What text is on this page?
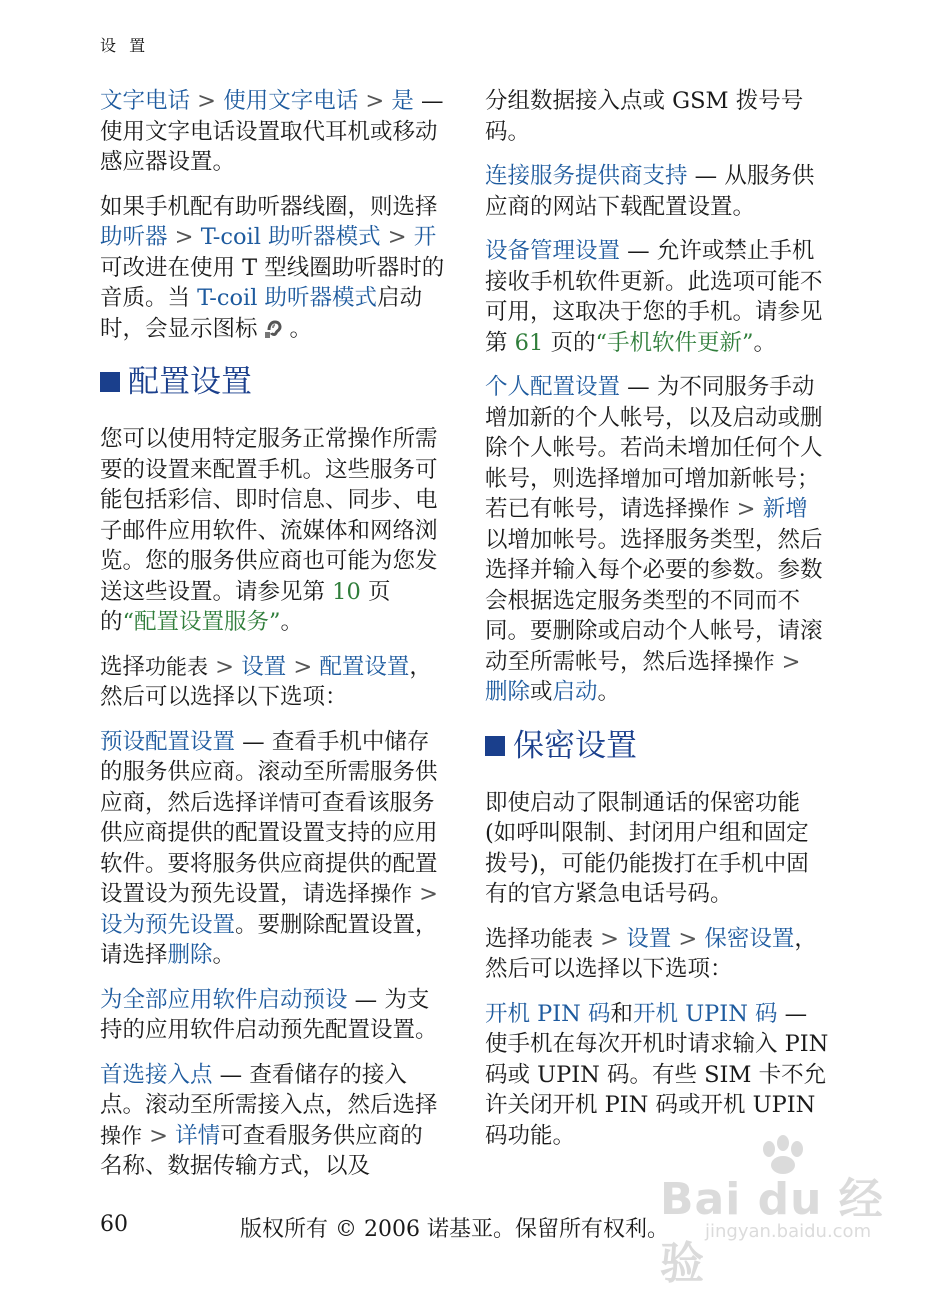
设 置

文字电话 > 使用文字电话 > 是 — 使用文字电话设置取代耳机或移动感应器设置。

如果手机配有助听器线圈，则选择助听器 > T-coil 助听器模式 > 开可改进在使用 T 型线圈助听器时的音质。当 T-coil 助听器模式启动时，会显示图标 。

配置设置

您可以使用特定服务正常操作所需要的设置来配置手机。这些服务可能包括彩信、即时信息、同步、电子邮件应用软件、流媒体和网络浏览。您的服务供应商也可能为您发送这些设置。请参见第 10 页的“配置设置服务”。

选择功能表 > 设置 > 配置设置，然后可以选择以下选项：

预设配置设置 — 查看手机中储存的服务供应商。滚动至所需服务供应商，然后选择详情可查看该服务供应商提供的配置设置支持的应用软件。要将服务供应商提供的配置设置设为预先设置，请选择操作 > 设为预先设置。要删除配置设置，请选择删除。

为全部应用软件启动预设 — 为支持的应用软件启动预先配置设置。

首选接入点 — 查看储存的接入点。滚动至所需接入点，然后选择操作 > 详情可查看服务供应商的名称、数据传输方式，以及

分组数据接入点或 GSM 拨号号码。

连接服务提供商支持 — 从服务供应商的网站下载配置设置。

设备管理设置 — 允许或禁止手机接收手机软件更新。此选项可能不可用，这取决于您的手机。请参见第 61 页的“手机软件更新”。

个人配置设置 — 为不同服务手动增加新的个人帐号，以及启动或删除个人帐号。若尚未增加任何个人帐号，则选择增加可增加新帐号；若已有帐号，请选择操作 > 新增以增加帐号。选择服务类型，然后选择并输入每个必要的参数。参数会根据选定服务类型的不同而不同。要删除或启动个人帐号，请滚动至所需帐号，然后选择操作 > 删除或启动。

保密设置

即使启动了限制通话的保密功能(如呼叫限制、封闭用户组和固定拨号)，可能仍能拨打在手机中固有的官方紧急电话号码。

选择功能表 > 设置 > 保密设置，然后可以选择以下选项：

开机 PIN 码和开机 UPIN 码 — 使手机在每次开机时请求输入 PIN 码或 UPIN 码。有些 SIM 卡不允许关闭开机 PIN 码或开机 UPIN 码功能。

Bai du 经验
jingyan.baidu.com
60	版权所有 © 2006 诺基亚。保留所有权利。
